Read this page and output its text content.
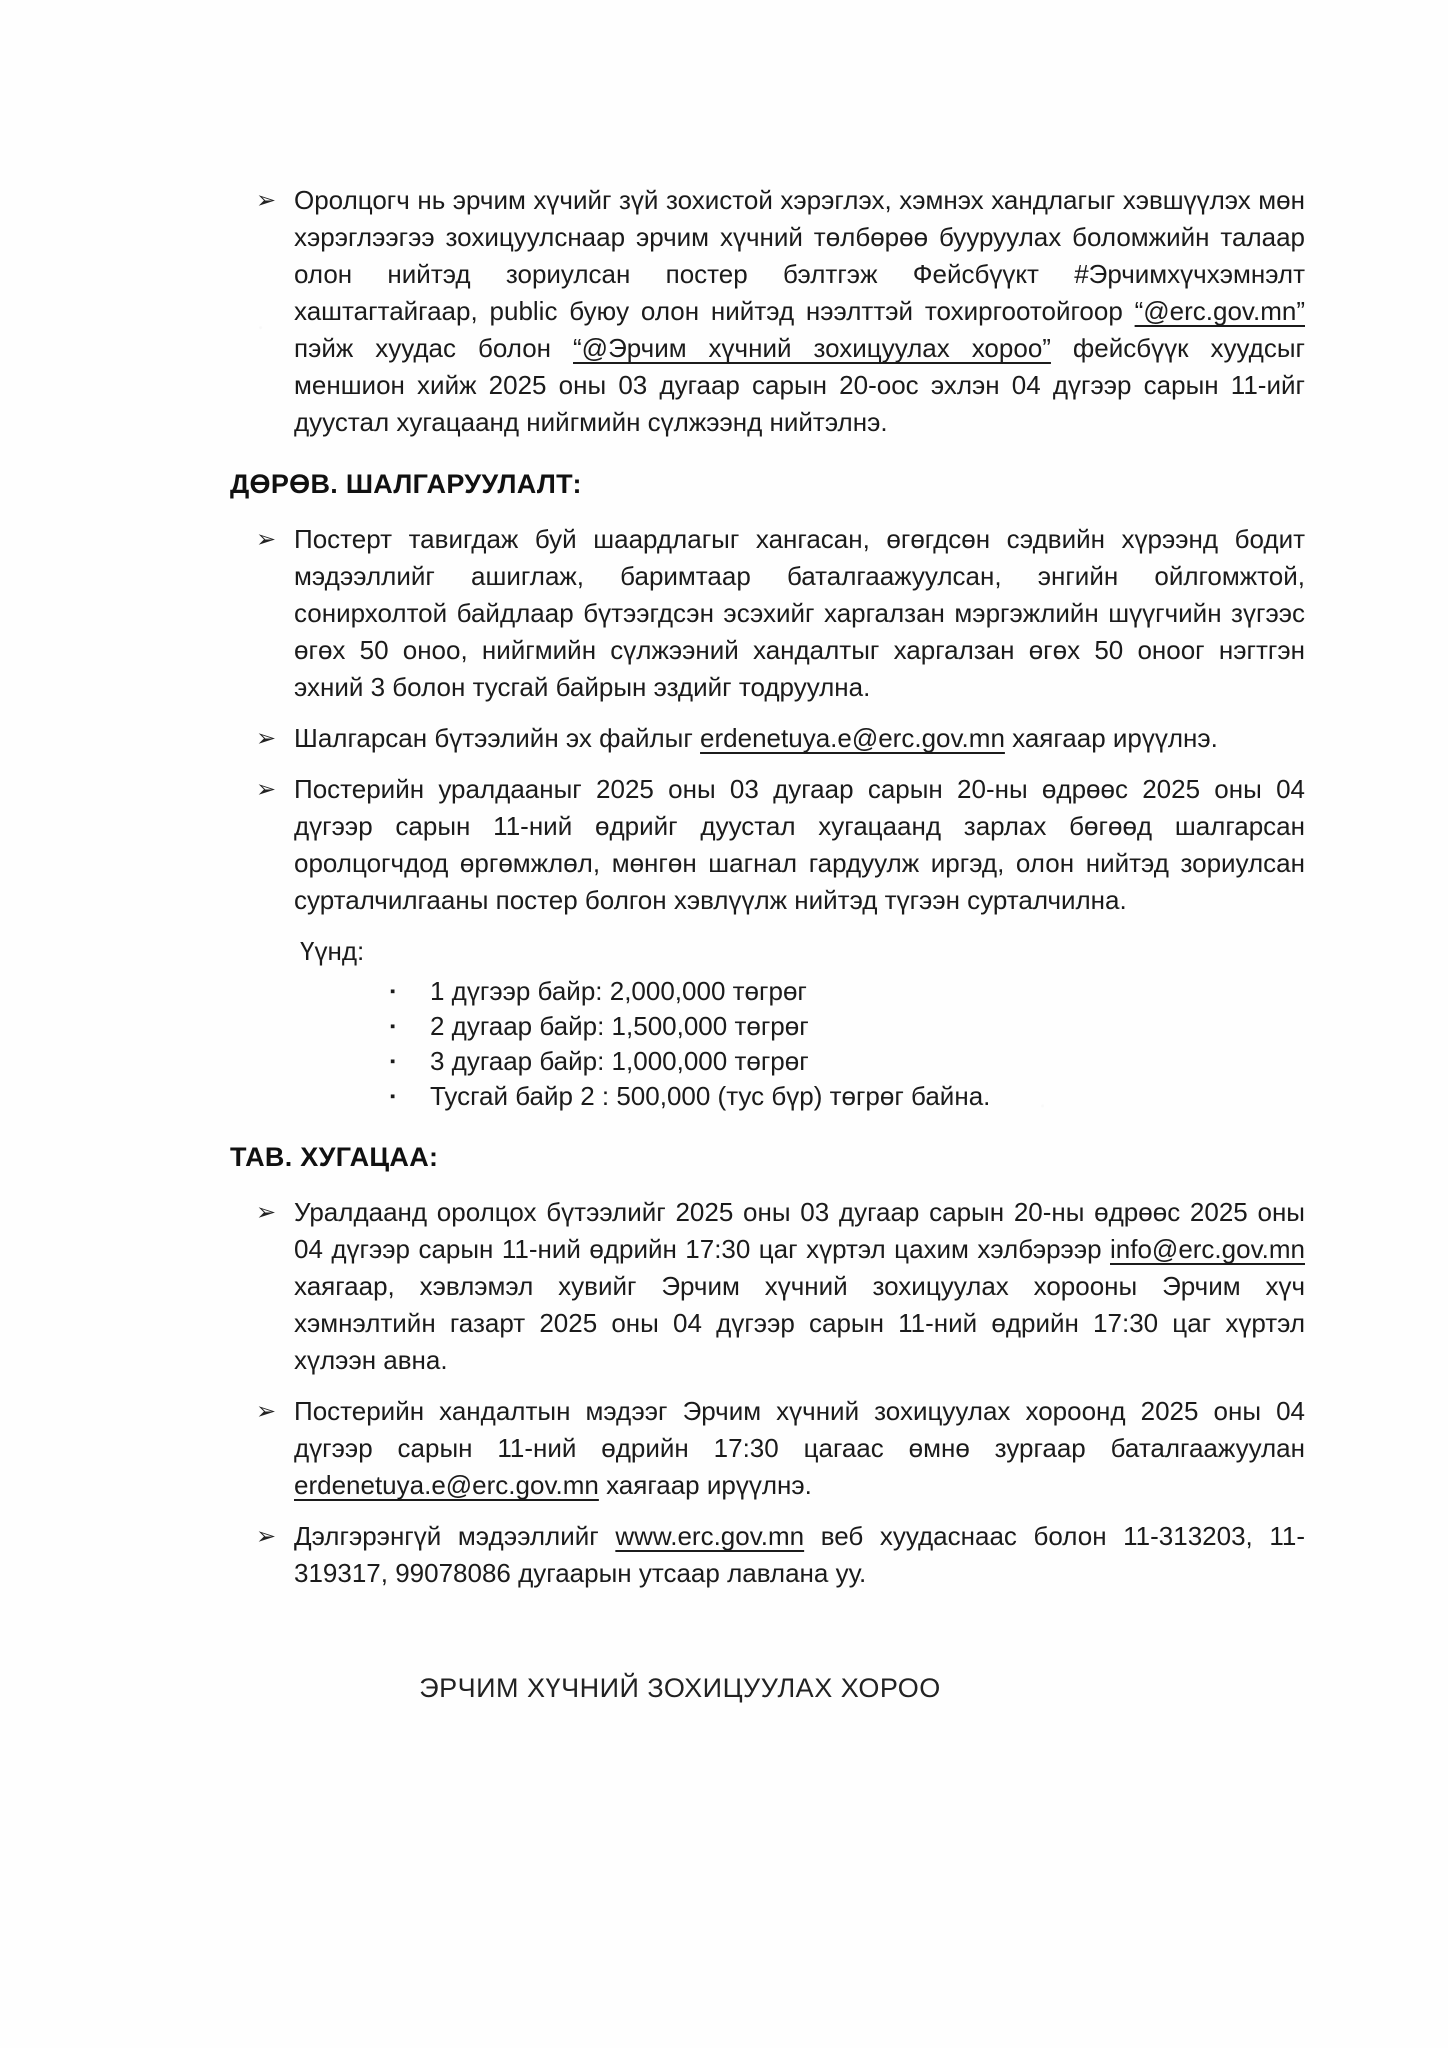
➢ Оролцогч нь эрчим хүчийг зүй зохистой хэрэглэх, хэмнэх хандлагыг хэвшүүлэх мөн хэрэглээгээ зохицуулснаар эрчим хүчний төлбөрөө бууруулах боломжийн талаар олон нийтэд зориулсан постер бэлтгэж Фейсбүүкт #Эрчимхүчхэмнэлт хаштагтайгаар, public буюу олон нийтэд нээлттэй тохиргоотойгоор “@erc.gov.mn” пэйж хуудас болон “@Эрчим хүчний зохицуулах хороо” фейсбүүк хуудсыг меншион хийж 2025 оны 03 дугаар сарын 20-оос эхлэн 04 дүгээр сарын 11-ийг дуустал хугацаанд нийгмийн сүлжээнд нийтэлнэ.

ДӨРӨВ. ШАЛГАРУУЛАЛТ:
➢ Постерт тавигдаж буй шаардлагыг хангасан, өгөгдсөн сэдвийн хүрээнд бодит мэдээллийг ашиглаж, баримтаар баталгаажуулсан, энгийн ойлгомжтой, сонирхолтой байдлаар бүтээгдсэн эсэхийг харгалзан мэргэжлийн шүүгчийн зүгээс өгөх 50 оноо, нийгмийн сүлжээний хандалтыг харгалзан өгөх 50 оноог нэгтгэн эхний 3 болон тусгай байрын эздийг тодруулна.

➢ Шалгарсан бүтээлийн эх файлыг erdenetuya.e@erc.gov.mn хаягаар ирүүлнэ.

➢ Постерийн уралдааныг 2025 оны 03 дугаар сарын 20-ны өдрөөс 2025 оны 04 дүгээр сарын 11-ний өдрийг дуустал хугацаанд зарлах бөгөөд шалгарсан оролцогчдод өргөмжлөл, мөнгөн шагнал гардуулж иргэд, олон нийтэд зориулсан сурталчилгааны постер болгон хэвлүүлж нийтэд түгээн сурталчилна.

Үүнд:

▪	1 дүгээр байр: 2,000,000 төгрөг
▪	2 дугаар байр: 1,500,000 төгрөг
▪	3 дугаар байр: 1,000,000 төгрөг
▪	Тусгай байр 2 : 500,000 (тус бүр) төгрөг байна.
ТАВ. ХУГАЦАА:
➢ Уралдаанд оролцох бүтээлийг 2025 оны 03 дугаар сарын 20-ны өдрөөс 2025 оны 04 дүгээр сарын 11-ний өдрийн 17:30 цаг хүртэл цахим хэлбэрээр info@erc.gov.mn хаягаар, хэвлэмэл хувийг Эрчим хүчний зохицуулах хорооны Эрчим хүч хэмнэлтийн газарт 2025 оны 04 дүгээр сарын 11-ний өдрийн 17:30 цаг хүртэл хүлээн авна.

➢ Постерийн хандалтын мэдээг Эрчим хүчний зохицуулах хороонд 2025 оны 04 дүгээр сарын 11-ний өдрийн 17:30 цагаас өмнө зургаар баталгаажуулан erdenetuya.e@erc.gov.mn хаягаар ирүүлнэ.

➢ Дэлгэрэнгүй мэдээллийг www.erc.gov.mn веб хуудаснаас болон 11-313203, 11-319317, 99078086 дугаарын утсаар лавлана уу.

ЭРЧИМ ХҮЧНИЙ ЗОХИЦУУЛАХ ХОРОО
